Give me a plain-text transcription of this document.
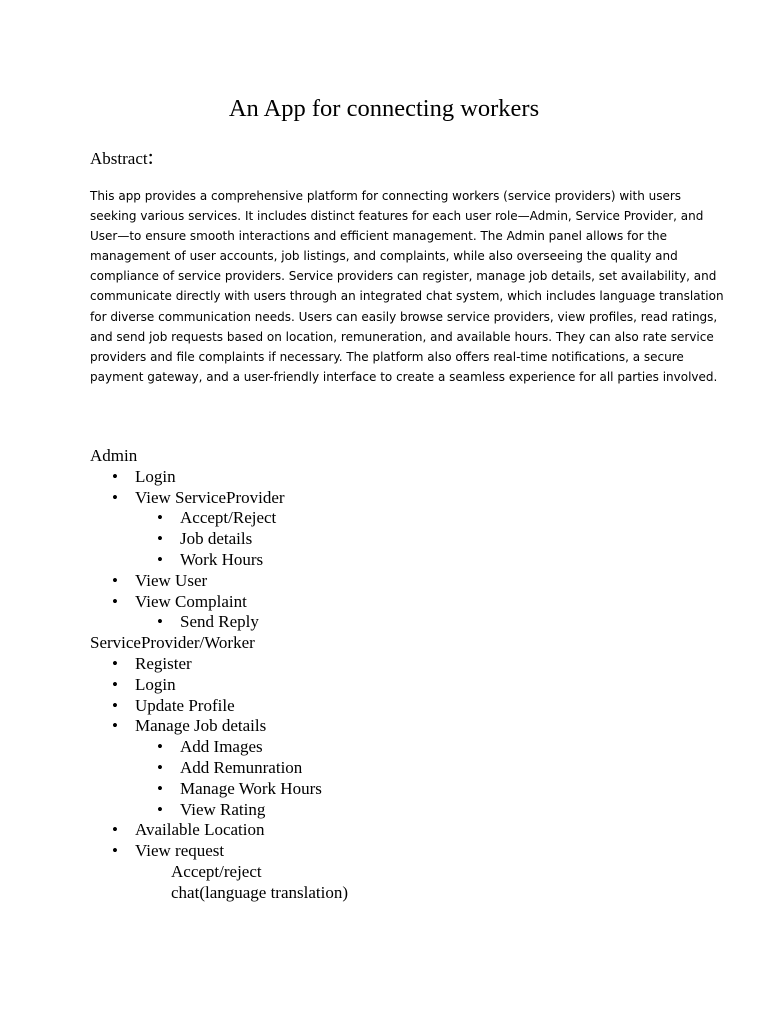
An App for connecting workers
Abstract:
This app provides a comprehensive platform for connecting workers (service providers) with users
seeking various services. It includes distinct features for each user role—Admin, Service Provider, and
User—to ensure smooth interactions and efficient management. The Admin panel allows for the
management of user accounts, job listings, and complaints, while also overseeing the quality and
compliance of service providers. Service providers can register, manage job details, set availability, and
communicate directly with users through an integrated chat system, which includes language translation
for diverse communication needs. Users can easily browse service providers, view profiles, read ratings,
and send job requests based on location, remuneration, and available hours. They can also rate service
providers and file complaints if necessary. The platform also offers real-time notifications, a secure
payment gateway, and a user-friendly interface to create a seamless experience for all parties involved.
Admin
• Login
• View ServiceProvider
• Accept/Reject
• Job details
• Work Hours
• View User
• View Complaint
• Send Reply
ServiceProvider/Worker
• Register
• Login
• Update Profile
• Manage Job details
• Add Images
• Add Remunration
• Manage Work Hours
• View Rating
• Available Location
• View request
Accept/reject
chat(language translation)
